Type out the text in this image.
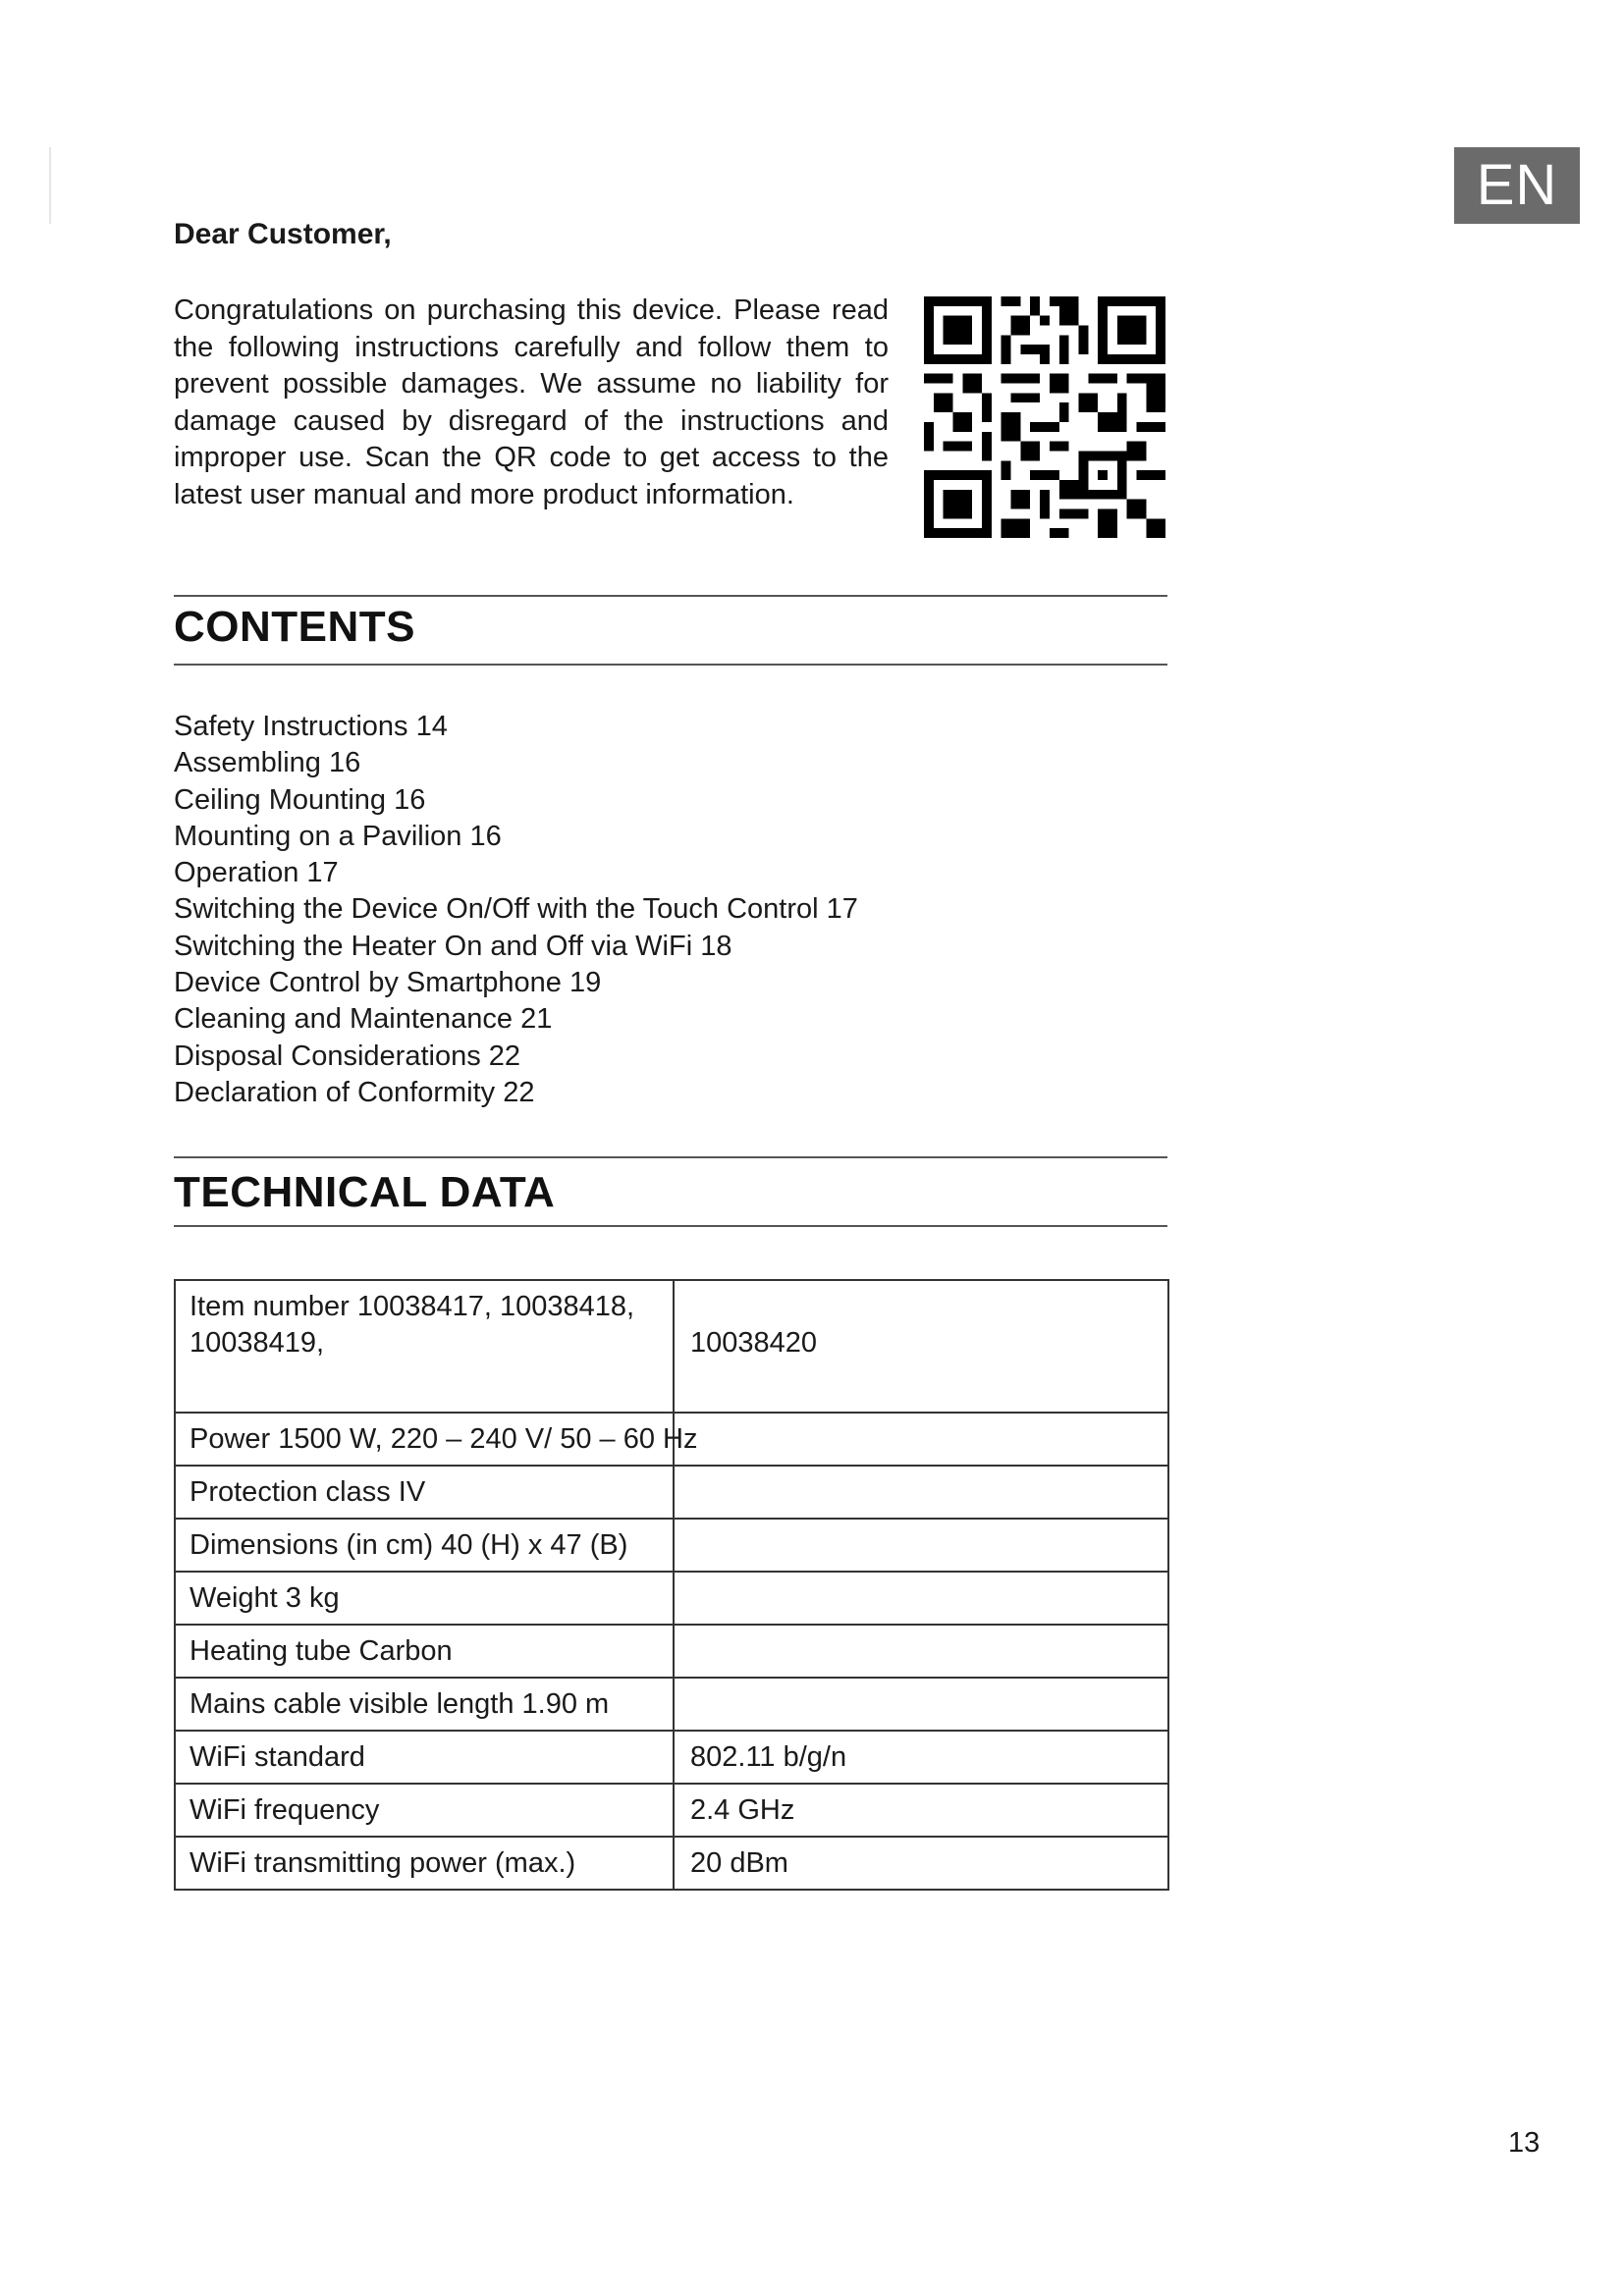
EN
Dear Customer,

Congratulations on purchasing this device. Please read the following instructions carefully and follow them to prevent possible damages. We assume no liability for damage caused by disregard of the instructions and improper use. Scan the QR code to get access to the latest user manual and more product information.

CONTENTS
Safety Instructions 14
Assembling 16
Ceiling Mounting 16
Mounting on a Pavilion 16
Operation 17
Switching the Device On/Off with the Touch Control 17
Switching the Heater On and Off via WiFi 18
Device Control by Smartphone 19
Cleaning and Maintenance 21
Disposal Considerations 22
Declaration of Conformity 22
TECHNICAL DATA
Item number 10038417, 10038418, 10038419,	10038420
Power 1500 W, 220 – 240 V/ 50 – 60 Hz	
Protection class IV	
Dimensions (in cm) 40 (H) x 47 (B)	
Weight 3 kg	
Heating tube Carbon	
Mains cable visible length 1.90 m	
WiFi standard	802.11 b/g/n
WiFi frequency	2.4 GHz
WiFi transmitting power (max.)	20 dBm
13
